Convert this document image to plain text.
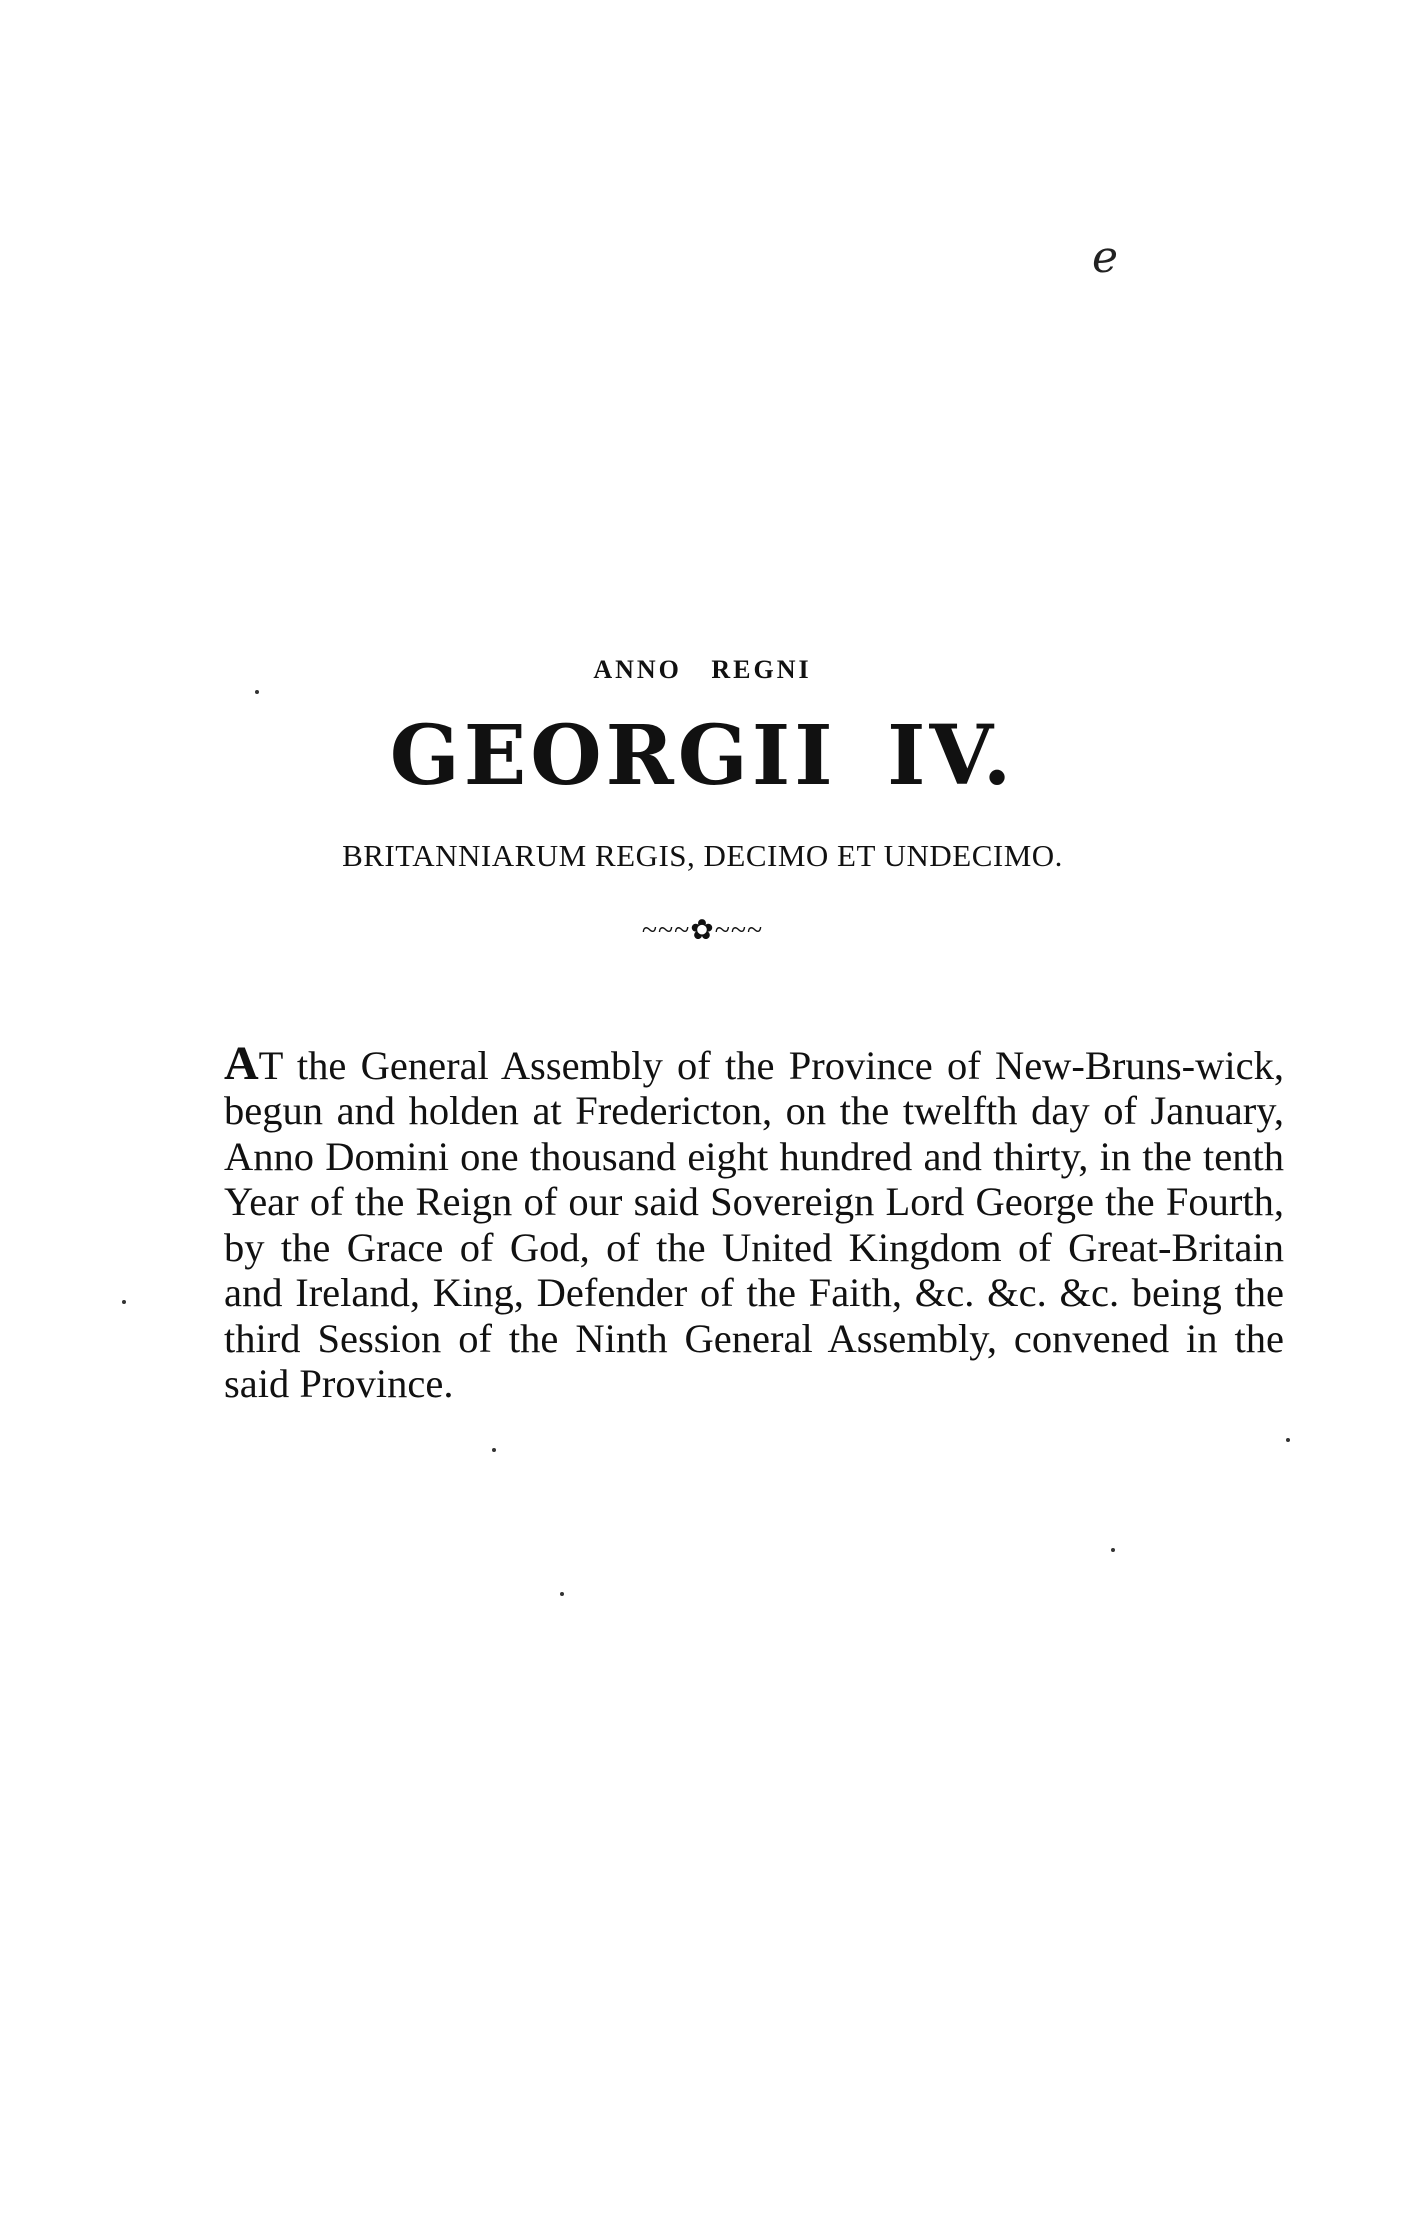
e
ANNO REGNI
GEORGII IV.
BRITANNIARUM REGIS, DECIMO ET UNDECIMO.
~~~✿~~~

AT the General Assembly of the Province of New-Bruns-wick, begun and holden at Fredericton, on the twelfth day of January, Anno Domini one thousand eight hundred and thirty, in the tenth Year of the Reign of our said Sovereign Lord George the Fourth, by the Grace of God, of the United Kingdom of Great-Britain and Ireland, King, Defender of the Faith, &c. &c. &c. being the third Session of the Ninth General Assembly, convened in the said Province.
